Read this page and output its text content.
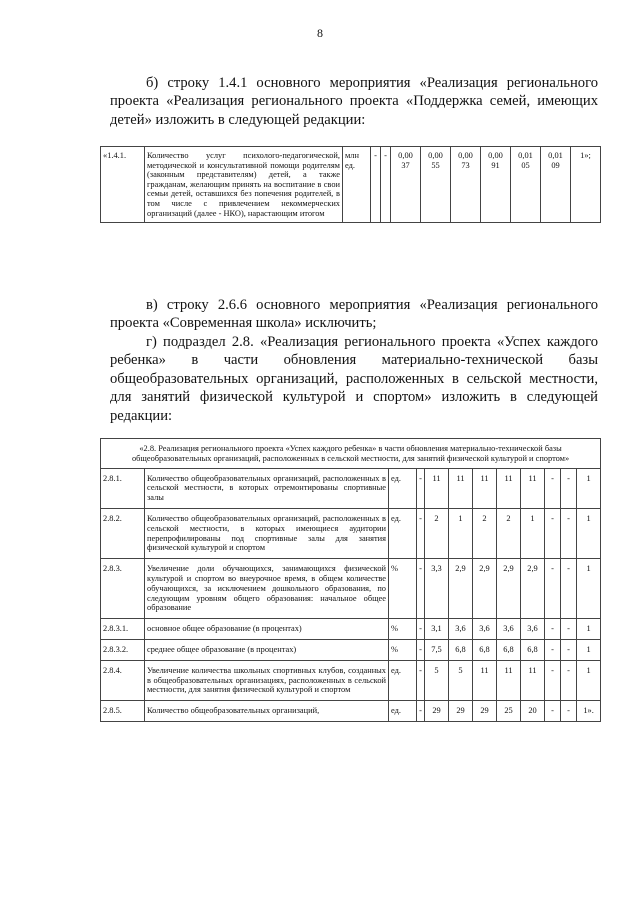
8

б) строку 1.4.1 основного мероприятия «Реализация регионального проекта «Реализация регионального проекта «Поддержка семей, имеющих детей» изложить в следующей редакции:

«1.4.1.	Количество услуг психолого-педагогической, методической и консультативной помощи родителям (законным представителям) детей, а также гражданам, желающим принять на воспитание в свои семьи детей, оставшихся без попечения родителей, в том числе с привлечением некоммерческих организаций (далее - НКО), нарастающим итогом	млн ед.	-	-	0,00 37	0,00 55	0,00 73	0,00 91	0,01 05	0,01 09	1»;

в) строку 2.6.6 основного мероприятия «Реализация регионального проекта «Современная школа» исключить;

г) подраздел 2.8. «Реализация регионального проекта «Успех каждого ребенка» в части обновления материально-технической базы общеобразовательных организаций, расположенных в сельской местности, для занятий физической культурой и спортом» изложить в следующей редакции:

«2.8. Реализация регионального проекта «Успех каждого ребенка» в части обновления материально-технической базы общеобразовательных организаций, расположенных в сельской местности, для занятий физической культурой и спортом»											
2.8.1.	Количество общеобразовательных организаций, расположенных в сельской местности, в которых отремонтированы спортивные залы	ед.	-	11	11	11	11	11	-	-	1
2.8.2.	Количество общеобразовательных организаций, расположенных в сельской местности, в которых имеющиеся аудитории перепрофилированы под спортивные залы для занятия физической культурой и спортом	ед.	-	2	1	2	2	1	-	-	1
2.8.3.	Увеличение доли обучающихся, занимающихся физической культурой и спортом во внеурочное время, в общем количестве обучающихся, за исключением дошкольного образования, по следующим уровням общего образования: начальное общее образование	%	-	3,3	2,9	2,9	2,9	2,9	-	-	1
2.8.3.1.	основное общее образование (в процентах)	%	-	3,1	3,6	3,6	3,6	3,6	-	-	1
2.8.3.2.	среднее общее образование (в процентах)	%	-	7,5	6,8	6,8	6,8	6,8	-	-	1
2.8.4.	Увеличение количества школьных спортивных клубов, созданных в общеобразовательных организациях, расположенных в сельской местности, для занятия физической культурой и спортом	ед.	-	5	5	11	11	11	-	-	1
2.8.5.	Количество общеобразовательных организаций,	ед.	-	29	29	29	25	20	-	-	1».
